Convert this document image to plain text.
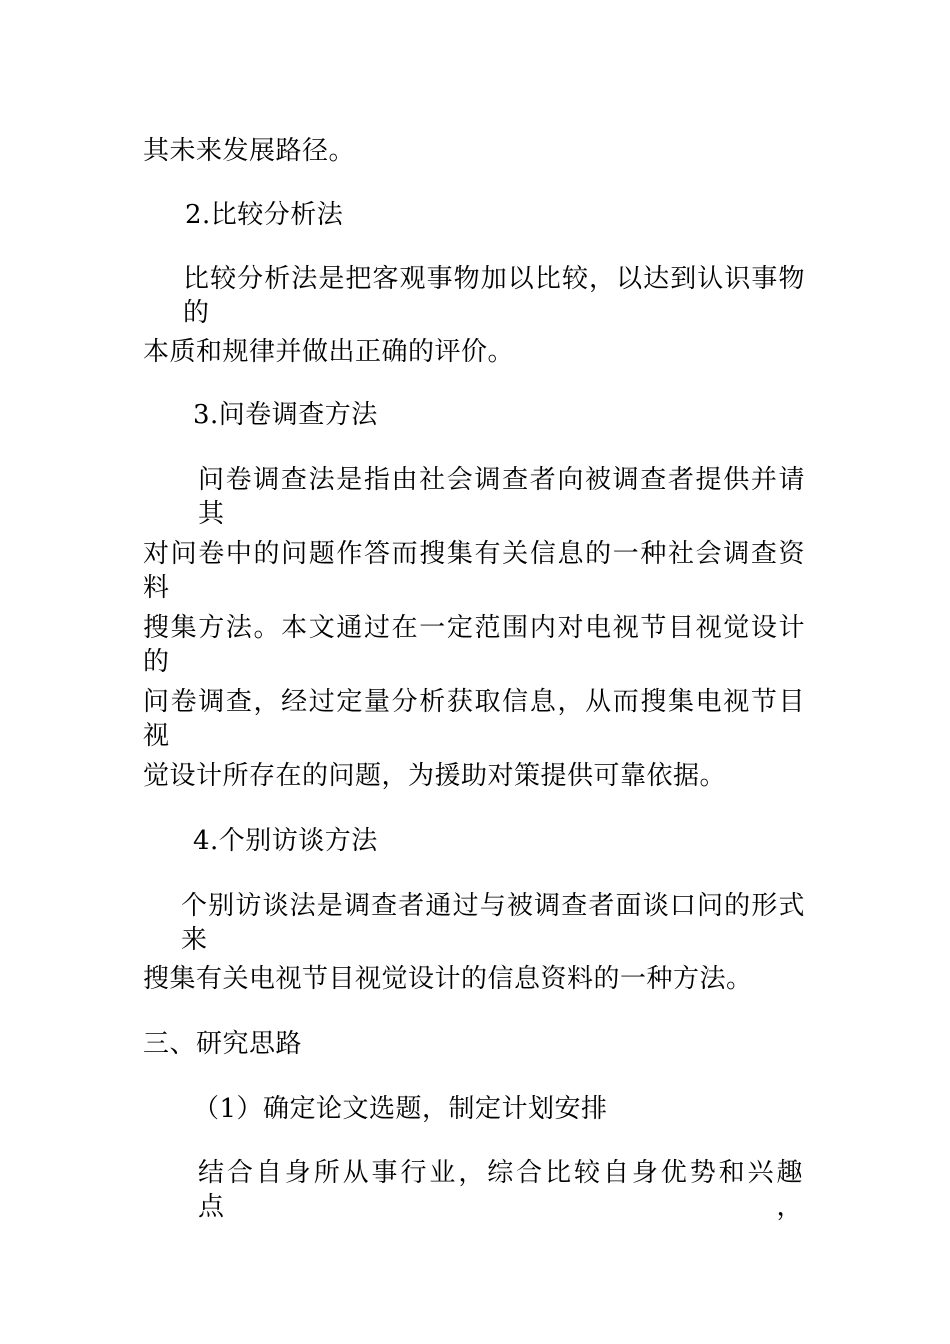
其未来发展路径。
2.比较分析法
比较分析法是把客观事物加以比较，以达到认识事物的
本质和规律并做出正确的评价。
3.问卷调查方法
问卷调查法是指由社会调查者向被调查者提供并请其
对问卷中的问题作答而搜集有关信息的一种社会调查资料
搜集方法。本文通过在一定范围内对电视节目视觉设计的
问卷调查，经过定量分析获取信息，从而搜集电视节目视
觉设计所存在的问题，为援助对策提供可靠依据。
4.个别访谈方法
个别访谈法是调查者通过与被调查者面谈口问的形式来
搜集有关电视节目视觉设计的信息资料的一种方法。
三、研究思路
（1）确定论文选题，制定计划安排
结合自身所从事行业，综合比较自身优势和兴趣点，
